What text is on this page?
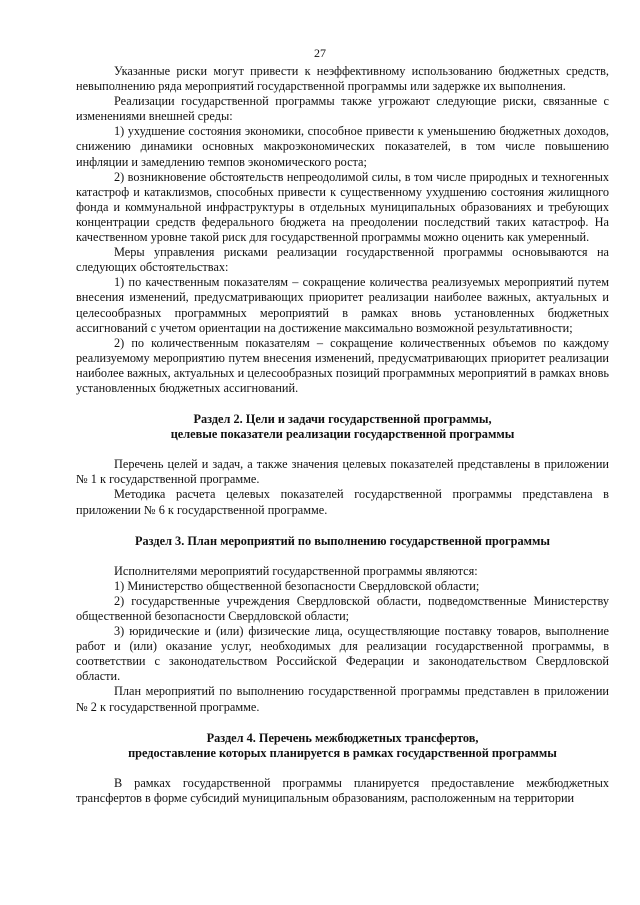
27

Указанные риски могут привести к неэффективному использованию бюджетных средств, невыполнению ряда мероприятий государственной программы или задержке их выполнения.

Реализации государственной программы также угрожают следующие риски, связанные с изменениями внешней среды:

1) ухудшение состояния экономики, способное привести к уменьшению бюджетных доходов, снижению динамики основных макроэкономических показателей, в том числе повышению инфляции и замедлению темпов экономического роста;

2) возникновение обстоятельств непреодолимой силы, в том числе природных и техногенных катастроф и катаклизмов, способных привести к существенному ухудшению состояния жилищного фонда и коммунальной инфраструктуры в отдельных муниципальных образованиях и требующих концентрации средств федерального бюджета на преодолении последствий таких катастроф. На качественном уровне такой риск для государственной программы можно оценить как умеренный.

Меры управления рисками реализации государственной программы основываются на следующих обстоятельствах:

1) по качественным показателям – сокращение количества реализуемых мероприятий путем внесения изменений, предусматривающих приоритет реализации наиболее важных, актуальных и целесообразных программных мероприятий в рамках вновь установленных бюджетных ассигнований с учетом ориентации на достижение максимально возможной результативности;

2) по количественным показателям – сокращение количественных объемов по каждому реализуемому мероприятию путем внесения изменений, предусматривающих приоритет реализации наиболее важных, актуальных и целесообразных позиций программных мероприятий в рамках вновь установленных бюджетных ассигнований.

Раздел 2. Цели и задачи государственной программы,

целевые показатели реализации государственной программы

Перечень целей и задач, а также значения целевых показателей представлены в приложении № 1 к государственной программе.

Методика расчета целевых показателей государственной программы представлена в приложении № 6 к государственной программе.

Раздел 3. План мероприятий по выполнению государственной программы

Исполнителями мероприятий государственной программы являются:

1) Министерство общественной безопасности Свердловской области;

2) государственные учреждения Свердловской области, подведомственные Министерству общественной безопасности Свердловской области;

3) юридические и (или) физические лица, осуществляющие поставку товаров, выполнение работ и (или) оказание услуг, необходимых для реализации государственной программы, в соответствии с законодательством Российской Федерации и законодательством Свердловской области.

План мероприятий по выполнению государственной программы представлен в приложении № 2 к государственной программе.

Раздел 4. Перечень межбюджетных трансфертов,

предоставление которых планируется в рамках государственной программы

В рамках государственной программы планируется предоставление межбюджетных трансфертов в форме субсидий муниципальным образованиям, расположенным на территории
